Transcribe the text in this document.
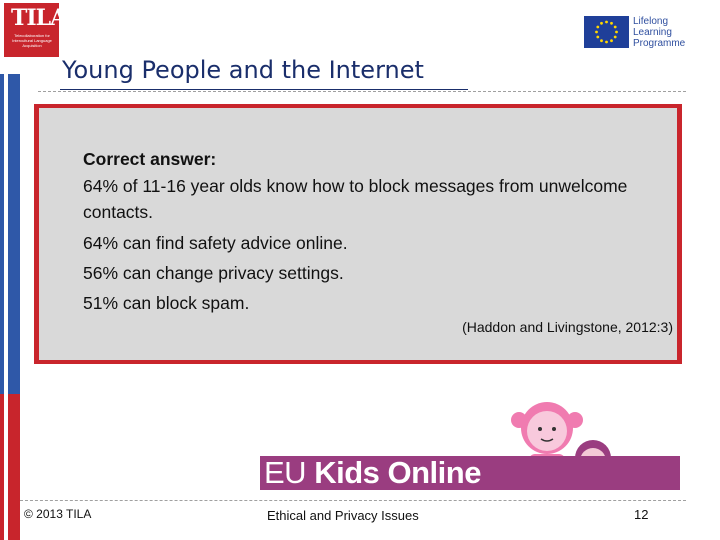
TILA
Telecollaboration for Intercultural Language Acquisition
Lifelong
Learning
Programme
Young People and the Internet

Correct answer:

64% of 11-16 year olds know how to block messages from unwelcome contacts.

64% can find safety advice online.

56% can change privacy settings.

51% can block spam.

(Haddon and Livingstone, 2012:3)
EU Kids Online
© 2013 TILA	Ethical and Privacy Issues	12
